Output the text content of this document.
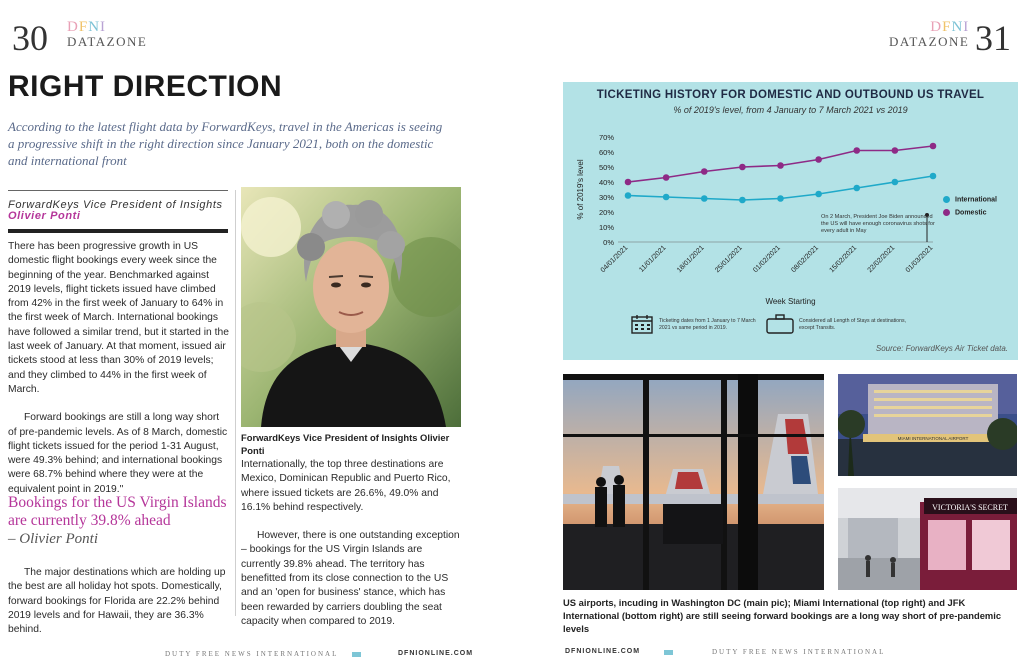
30 DFNI
DATAZONE
DFNI
DATAZONE 31
RIGHT DIRECTION
According to the latest flight data by ForwardKeys, travel in the Americas is seeing a progressive shift in the right direction since January 2021, both on the domestic and international front
ForwardKeys Vice President of Insights
Olivier Ponti

There has been progressive growth in US domestic flight bookings every week since the beginning of the year. Benchmarked against 2019 levels, flight tickets issued have climbed from 42% in the first week of January to 64% in the first week of March. International bookings have followed a similar trend, but it started in the last week of January. At that moment, issued air tickets stood at less than 30% of 2019 levels; and they climbed to 44% in the first week of March.

Forward bookings are still a long way short of pre-pandemic levels. As of 8 March, domestic flight tickets issued for the period 1-31 August, were 49.3% behind; and international bookings were 68.7% behind where they were at the equivalent point in 2019."

Bookings for the US Virgin Islands are currently 39.8% ahead
– Olivier Ponti

The major destinations which are holding up the best are all holiday hot spots. Domestically, forward bookings for Florida are 22.2% behind 2019 levels and for Hawaii, they are 36.3% behind.

ForwardKeys Vice President of Insights Olivier Ponti

Internationally, the top three destinations are Mexico, Dominican Republic and Puerto Rico, where issued tickets are 26.6%, 49.0% and 16.1% behind respectively.

However, there is one outstanding exception – bookings for the US Virgin Islands are currently 39.8% ahead. The territory has benefitted from its close connection to the US and an 'open for business' stance, which has been rewarded by carriers doubling the seat capacity when compared to 2019.

TICKETING HISTORY FOR DOMESTIC AND OUTBOUND US TRAVEL
% of 2019's level, from 4 January to 7 March 2021 vs 2019
% of 2019's level
0%
10%
20%
30%
40%
50%
60%
70%
04/01/2021 11/01/2021 18/01/2021 25/01/2021 01/02/2021 08/02/2021 15/02/2021 22/02/2021 01/03/2021
Week Starting
On 2 March, President Joe Biden announced the US will have enough coronavirus shots for every adult in May
International
Domestic
Ticketing dates from 1 January to 7 March 2021 vs same period in 2019.
Considered all Length of Stays at destinations, except Transits.
Source: ForwardKeys Air Ticket data.
MIAMI INTERNATIONAL AIRPORT
VICTORIA'S SECRET
US airports, incuding in Washington DC (main pic); Miami International (top right) and JFK International (bottom right) are still seeing forward bookings are a long way short of pre-pandemic levels
DUTY FREE NEWS INTERNATIONAL	DFNIONLINE.COM	DFNIONLINE.COM	DUTY FREE NEWS INTERNATIONAL
